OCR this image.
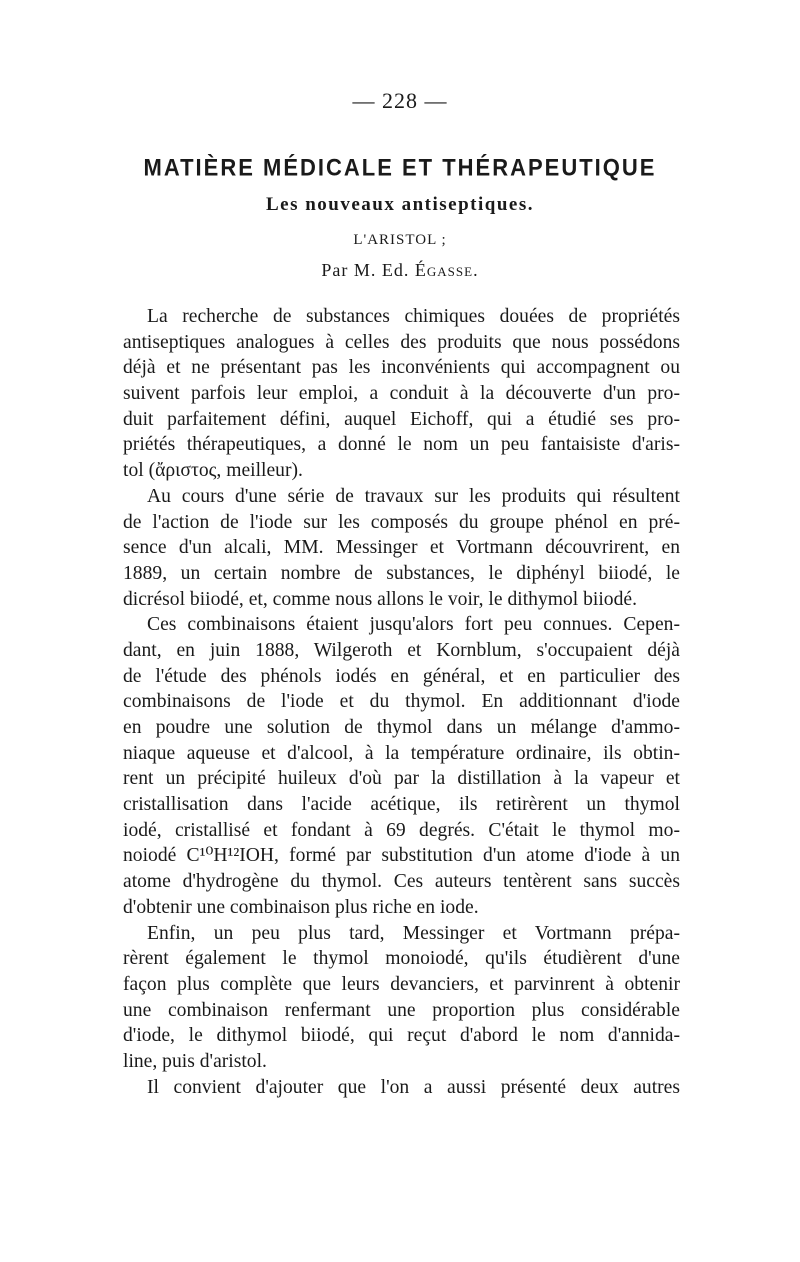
— 228 —
MATIÈRE MÉDICALE ET THÉRAPEUTIQUE
Les nouveaux antiseptiques.
L'ARISTOL ;
Par M. Ed. Égasse.
La recherche de substances chimiques douées de propriétés
antiseptiques analogues à celles des produits que nous possédons
déjà et ne présentant pas les inconvénients qui accompagnent ou
suivent parfois leur emploi, a conduit à la découverte d'un pro-
duit parfaitement défini, auquel Eichoff, qui a étudié ses pro-
priétés thérapeutiques, a donné le nom un peu fantaisiste d'aris-
tol (ἄριστος, meilleur).
Au cours d'une série de travaux sur les produits qui résultent
de l'action de l'iode sur les composés du groupe phénol en pré-
sence d'un alcali, MM. Messinger et Vortmann découvrirent, en
1889, un certain nombre de substances, le diphényl biiodé, le
dicrésol biiodé, et, comme nous allons le voir, le dithymol biiodé.
Ces combinaisons étaient jusqu'alors fort peu connues. Cepen-
dant, en juin 1888, Wilgeroth et Kornblum, s'occupaient déjà
de l'étude des phénols iodés en général, et en particulier des
combinaisons de l'iode et du thymol. En additionnant d'iode
en poudre une solution de thymol dans un mélange d'ammo-
niaque aqueuse et d'alcool, à la température ordinaire, ils obtin-
rent un précipité huileux d'où par la distillation à la vapeur et
cristallisation dans l'acide acétique, ils retirèrent un thymol
iodé, cristallisé et fondant à 69 degrés. C'était le thymol mo-
noiodé C¹⁰H¹²IOH, formé par substitution d'un atome d'iode à un
atome d'hydrogène du thymol. Ces auteurs tentèrent sans succès
d'obtenir une combinaison plus riche en iode.
Enfin, un peu plus tard, Messinger et Vortmann prépa-
rèrent également le thymol monoiodé, qu'ils étudièrent d'une
façon plus complète que leurs devanciers, et parvinrent à obtenir
une combinaison renfermant une proportion plus considérable
d'iode, le dithymol biiodé, qui reçut d'abord le nom d'annida-
line, puis d'aristol.
Il convient d'ajouter que l'on a aussi présenté deux autres
